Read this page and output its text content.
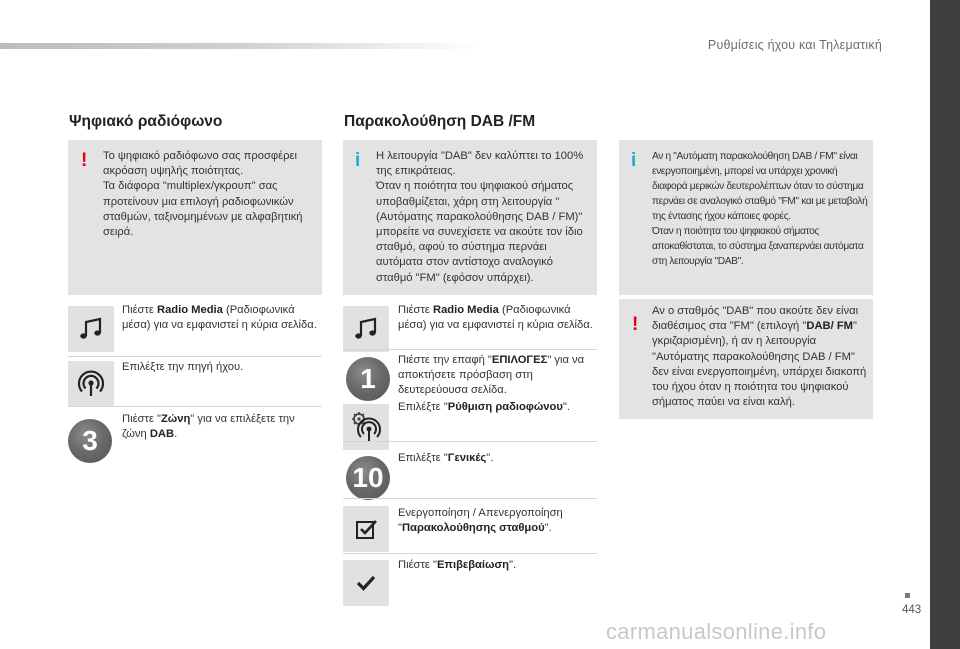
Ρυθμίσεις ήχου και Τηλεματική
Ψηφιακό ραδιόφωνο
! Το ψηφιακό ραδιόφωνο σας προσφέρει ακρόαση υψηλής ποιότητας.
Τα διάφορα "multiplex/γκρουπ" σας προτείνουν μια επιλογή ραδιοφωνικών σταθμών, ταξινομημένων με αλφαβητική σειρά.
Πιέστε Radio Media (Ραδιοφωνικά μέσα) για να εμφανιστεί η κύρια σελίδα.
Επιλέξτε την πηγή ήχου.
3
Πιέστε "Ζώνη" για να επιλέξετε την ζώνη DAB.
Παρακολούθηση DAB /FM
i Η λειτουργία "DAB" δεν καλύπτει το 100% της επικράτειας.
Όταν η ποιότητα του ψηφιακού σήματος υποβαθμίζεται, χάρη στη λειτουργία "(Αυτόματης παρακολούθησης DAB / FM)" μπορείτε να συνεχίσετε να ακούτε τον ίδιο σταθμό, αφού το σύστημα περνάει αυτόματα στον αντίστοχο αναλογικό σταθμό "FM" (εφόσον υπάρχει).
Πιέστε Radio Media (Ραδιοφωνικά μέσα) για να εμφανιστεί η κύρια σελίδα.
1
Πιέστε την επαφή "ΕΠΙΛΟΓΕΣ" για να αποκτήσετε πρόσβαση στη δευτερεύουσα σελίδα.
Επιλέξτε "Ρύθμιση ραδιοφώνου".
10
Επιλέξτε "Γενικές".
Ενεργοποίηση / Απενεργοποίηση "Παρακολούθησης σταθμού".
Πιέστε "Επιβεβαίωση".
i Αν η "Αυτόματη παρακολούθηση DAB / FM" είναι ενεργοποιημένη, μπορεί να υπάρχει χρονική διαφορά μερικών δευτερολέπτων όταν το σύστημα περνάει σε αναλογικό σταθμό "FM" και με μεταβολή της έντασης ήχου κάποιες φορές.
Όταν η ποιότητα του ψηφιακού σήματος αποκαθίσταται, το σύστημα ξαναπερνάει αυτόματα στη λειτουργία "DAB".
!
Αν ο σταθμός "DAB" που ακούτε δεν είναι διαθέσιμος στα "FM" (επιλογή "DAB/ FM" γκριζαρισμένη), ή αν η λειτουργία "Αυτόματης παρακολούθησης DAB / FM" δεν είναι ενεργοποιημένη, υπάρχει διακοπή του ήχου όταν η ποιότητα του ψηφιακού σήματος παύει να είναι καλή.
443
carmanualsonline.info
